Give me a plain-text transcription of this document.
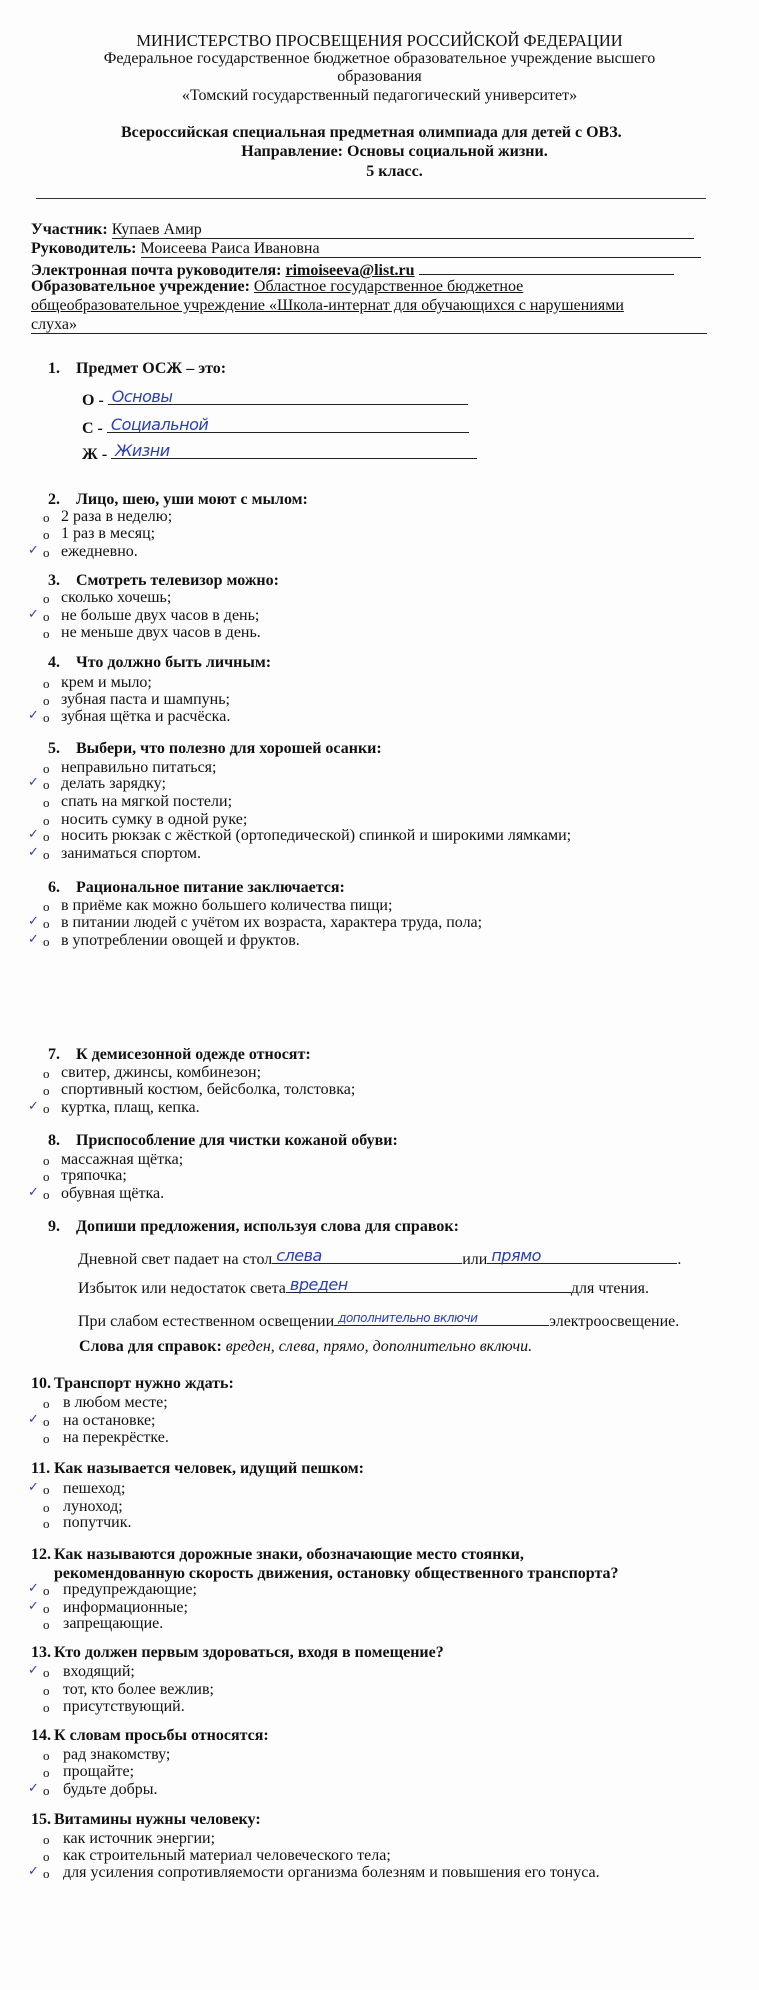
МИНИСТЕРСТВО ПРОСВЕЩЕНИЯ РОССИЙСКОЙ ФЕДЕРАЦИИ
Федеральное государственное бюджетное образовательное учреждение высшего
образования
«Томский государственный педагогический университет»
Всероссийская специальная предметная олимпиада для детей с ОВЗ.
Направление: Основы социальной жизни.
5 класс.
Участник: Купаев Амир
Руководитель: Моисеева Раиса Ивановна
Электронная почта руководителя: rimoiseeva@list.ru
Образовательное учреждение: Областное государственное бюджетное
общеобразовательное учреждение «Школа-интернат для обучающихся с нарушениями
слуха»
1. Предмет ОСЖ – это:
О - Основы
С - Социальной
Ж - Жизни
2. Лицо, шею, уши моют с мылом:
o 2 раза в неделю;
o 1 раз в месяц;
o
✓ ежедневно.
3. Смотреть телевизор можно:
o сколько хочешь;
o
✓ не больше двух часов в день;
o не меньше двух часов в день.
4. Что должно быть личным:
o крем и мыло;
o зубная паста и шампунь;
o
✓ зубная щётка и расчёска.
5. Выбери, что полезно для хорошей осанки:
o неправильно питаться;
o
✓ делать зарядку;
o спать на мягкой постели;
o носить сумку в одной руке;
o
✓ носить рюкзак с жёсткой (ортопедической) спинкой и широкими лямками;
o
✓ заниматься спортом.
6. Рациональное питание заключается:
o в приёме как можно большего количества пищи;
o
✓ в питании людей с учётом их возраста, характера труда, пола;
o
✓ в употреблении овощей и фруктов.
7. К демисезонной одежде относят:
o свитер, джинсы, комбинезон;
o спортивный костюм, бейсболка, толстовка;
o
✓ куртка, плащ, кепка.
8. Приспособление для чистки кожаной обуви:
o массажная щётка;
o тряпочка;
o
✓ обувная щётка.
10. Транспорт нужно ждать:
o в любом месте;
o
✓ на остановке;
o на перекрёстке.
11. Как называется человек, идущий пешком:
o
✓ пешеход;
o луноход;
o попутчик.
12. Как называются дорожные знаки, обозначающие место стоянки,
рекомендованную скорость движения, остановку общественного транспорта?
o
✓ предупреждающие;
o
✓ информационные;
o запрещающие.
13. Кто должен первым здороваться, входя в помещение?
o
✓ входящий;
o тот, кто более вежлив;
o присутствующий.
14. К словам просьбы относятся:
o рад знакомству;
o прощайте;
o
✓ будьте добры.
15. Витамины нужны человеку:
o как источник энергии;
o как строительный материал человеческого тела;
o
✓ для усиления сопротивляемости организма болезням и повышения его тонуса.
9. Допиши предложения, используя слова для справок:
Дневной свет падает на стол слева	или прямо	.
Избыток или недостаток света вреден	для чтения.
При слабом естественном освещении дополнительно включи	электроосвещение.
Слова для справок: вреден, слева, прямо, дополнительно включи.
